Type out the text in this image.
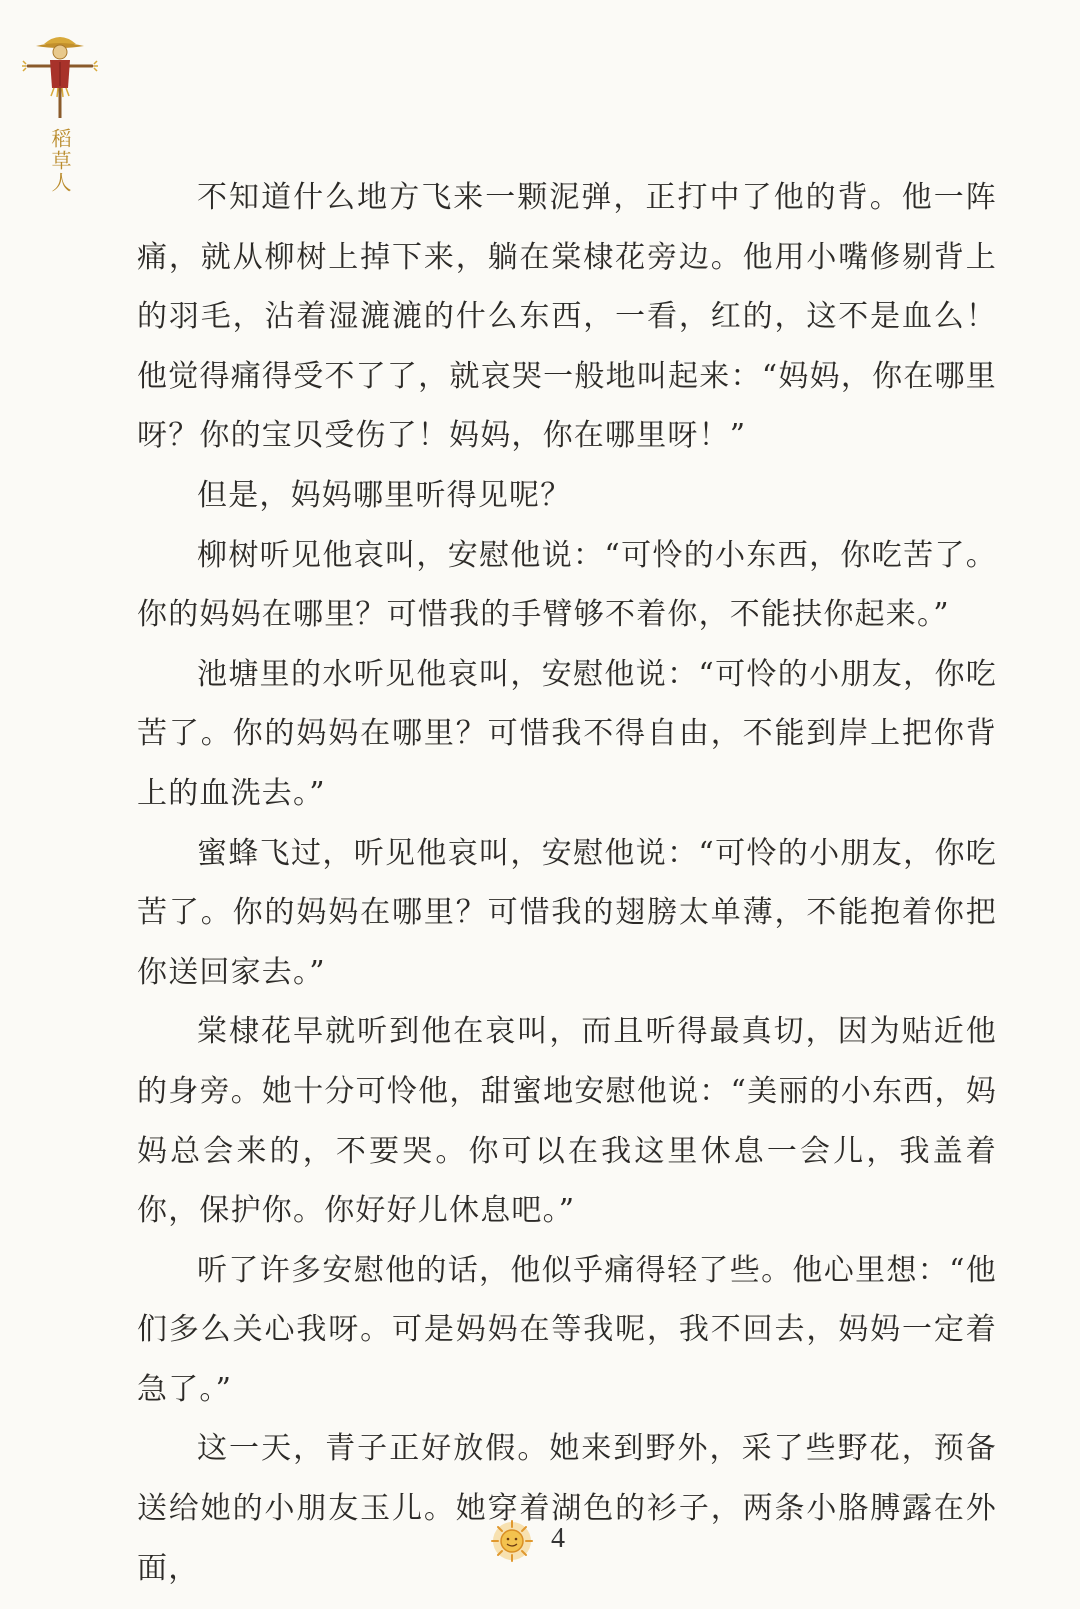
稻草人

不知道什么地方飞来一颗泥弹，正打中了他的背。他一阵痛，就从柳树上掉下来，躺在棠棣花旁边。他用小嘴修剔背上的羽毛，沾着湿漉漉的什么东西，一看，红的，这不是血么！他觉得痛得受不了了，就哀哭一般地叫起来：“妈妈，你在哪里呀？你的宝贝受伤了！妈妈，你在哪里呀！”

但是，妈妈哪里听得见呢？

柳树听见他哀叫，安慰他说：“可怜的小东西，你吃苦了。你的妈妈在哪里？可惜我的手臂够不着你，不能扶你起来。”

池塘里的水听见他哀叫，安慰他说：“可怜的小朋友，你吃苦了。你的妈妈在哪里？可惜我不得自由，不能到岸上把你背上的血洗去。”

蜜蜂飞过，听见他哀叫，安慰他说：“可怜的小朋友，你吃苦了。你的妈妈在哪里？可惜我的翅膀太单薄，不能抱着你把你送回家去。”

棠棣花早就听到他在哀叫，而且听得最真切，因为贴近他的身旁。她十分可怜他，甜蜜地安慰他说：“美丽的小东西，妈妈总会来的，不要哭。你可以在我这里休息一会儿，我盖着你，保护你。你好好儿休息吧。”

听了许多安慰他的话，他似乎痛得轻了些。他心里想：“他们多么关心我呀。可是妈妈在等我呢，我不回去，妈妈一定着急了。”

这一天，青子正好放假。她来到野外，采了些野花，预备送给她的小朋友玉儿。她穿着湖色的衫子，两条小胳膊露在外面，

4
